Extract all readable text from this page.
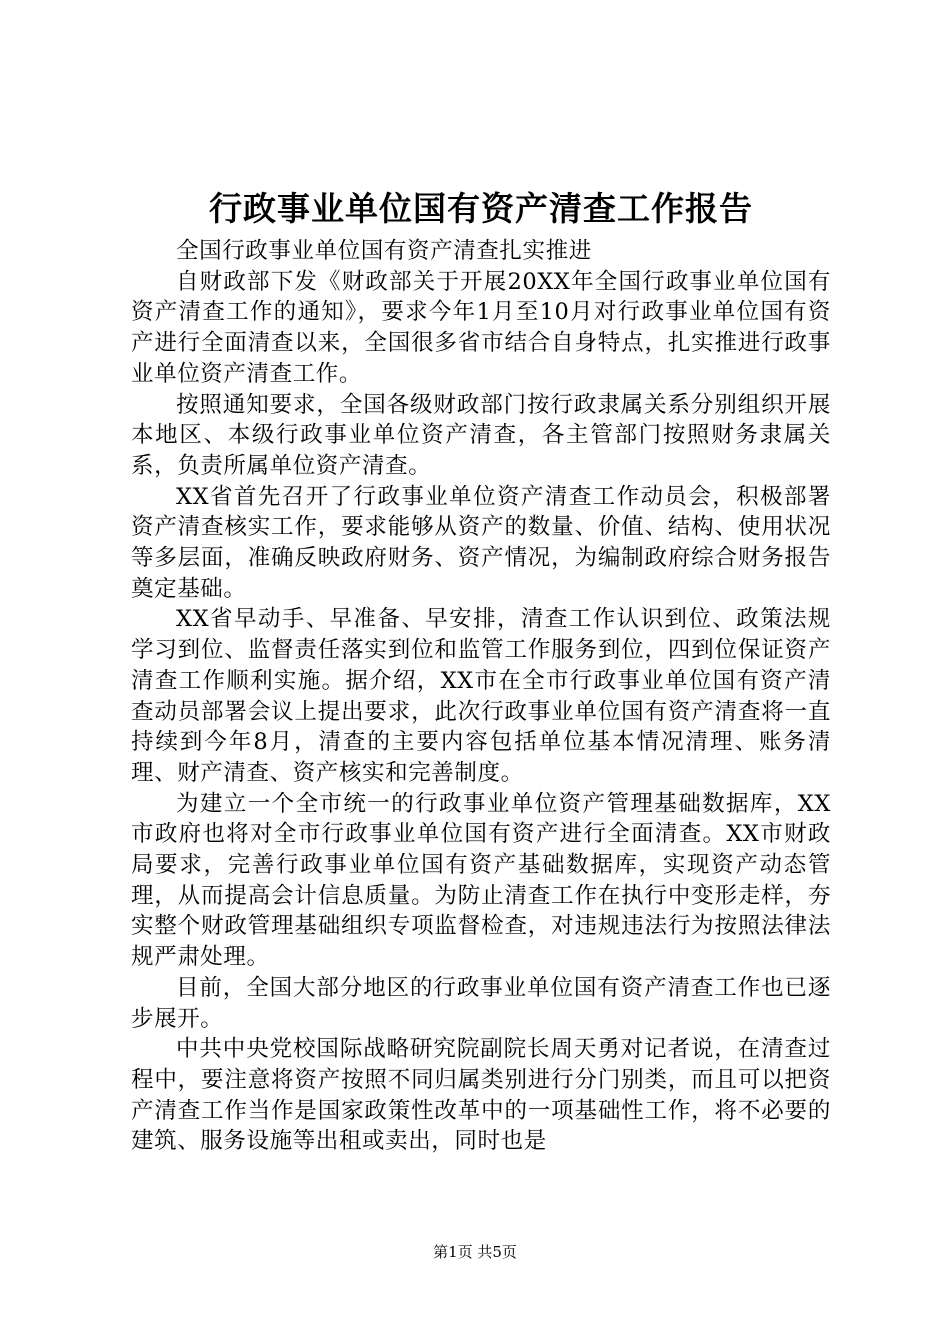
行政事业单位国有资产清查工作报告

全国行政事业单位国有资产清查扎实推进

自财政部下发《财政部关于开展20XX年全国行政事业单位国有资产清查工作的通知》，要求今年1月至10月对行政事业单位国有资产进行全面清查以来，全国很多省市结合自身特点，扎实推进行政事业单位资产清查工作。

按照通知要求，全国各级财政部门按行政隶属关系分别组织开展本地区、本级行政事业单位资产清查，各主管部门按照财务隶属关系，负责所属单位资产清查。

XX省首先召开了行政事业单位资产清查工作动员会，积极部署资产清查核实工作，要求能够从资产的数量、价值、结构、使用状况等多层面，准确反映政府财务、资产情况，为编制政府综合财务报告奠定基础。

XX省早动手、早准备、早安排，清查工作认识到位、政策法规学习到位、监督责任落实到位和监管工作服务到位，四到位保证资产清查工作顺利实施。据介绍，XX市在全市行政事业单位国有资产清查动员部署会议上提出要求，此次行政事业单位国有资产清查将一直持续到今年8月，清查的主要内容包括单位基本情况清理、账务清理、财产清查、资产核实和完善制度。

为建立一个全市统一的行政事业单位资产管理基础数据库，XX市政府也将对全市行政事业单位国有资产进行全面清查。XX市财政局要求，完善行政事业单位国有资产基础数据库，实现资产动态管理，从而提高会计信息质量。为防止清查工作在执行中变形走样，夯实整个财政管理基础组织专项监督检查，对违规违法行为按照法律法规严肃处理。

目前，全国大部分地区的行政事业单位国有资产清查工作也已逐步展开。

中共中央党校国际战略研究院副院长周天勇对记者说，在清查过程中，要注意将资产按照不同归属类别进行分门别类，而且可以把资产清查工作当作是国家政策性改革中的一项基础性工作，将不必要的建筑、服务设施等出租或卖出，同时也是

第1页 共5页
